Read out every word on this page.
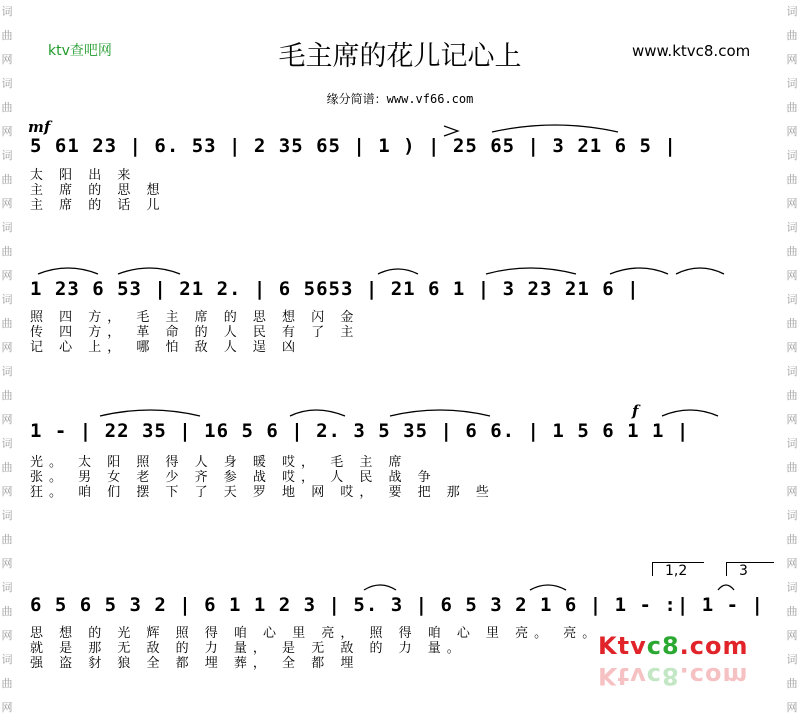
ktv查吧网	毛主席的花儿记心上	www.ktvc8.com
缘分简谱：www.vf66.com
词
曲
网
词
曲
网
词
曲
网
词
曲
网
词
曲
网
词
曲
网
词
曲
网
词
曲
网
词
曲
网
词
曲
网
词
曲
网
词
曲
网
词
曲
网
词
曲
网
词
曲
网
词
曲
网
词
曲
网
词
曲
网
词
曲
网
词
曲
网
mf
f
5 61 23 | 6. 53 | 2 35 65 | 1 ) | 25 65 | 3 21 6 5 |
太 阳 出 来
主 席 的 思 想
主 席 的 话 儿
1 23 6 53 | 21 2. | 6 5653 | 21 6 1 | 3 23 21 6 |
照 四 方， 毛 主 席 的 思 想 闪 金
传 四 方， 革 命 的 人 民 有 了 主
记 心 上， 哪 怕 敌 人 逞 凶
1 - | 22 35 | 16 5 6 | 2. 3 5 35 | 6 6. | 1 5 6 1 1 |
光。 太 阳 照 得 人 身 暖 哎， 毛 主 席
张。 男 女 老 少 齐 参 战 哎， 人 民 战 争
狂。 咱 们 摆 下 了 天 罗 地 网 哎， 要 把 那 些
6 5 6 5 3 2 | 6 1 1 2 3 | 5. 3 | 6 5 3 2 1 6 | 1 - :| 1 - |
思 想 的 光 辉 照 得 咱 心 里 亮， 照 得 咱 心 里 亮。 亮。
就 是 那 无 敌 的 力 量， 是 无 敌 的 力 量。
强 盗 豺 狼 全 都 埋 葬， 全 都 埋
1,2	3
Ktvc8.com
Ktvc8.com
